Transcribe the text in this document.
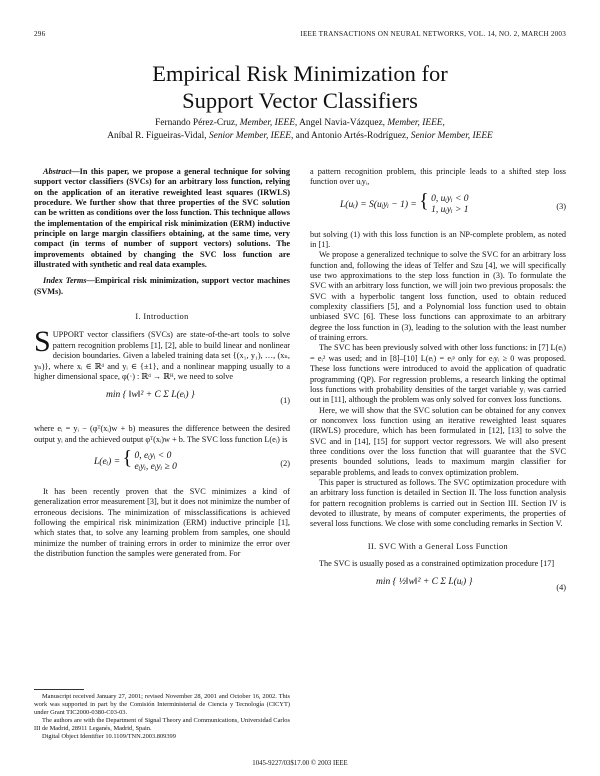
296	IEEE TRANSACTIONS ON NEURAL NETWORKS, VOL. 14, NO. 2, MARCH 2003
Empirical Risk Minimization for
Support Vector Classifiers
Fernando Pérez-Cruz, Member, IEEE, Angel Navia-Vázquez, Member, IEEE,
Aníbal R. Figueiras-Vidal, Senior Member, IEEE, and Antonio Artés-Rodríguez, Senior Member, IEEE

Abstract—In this paper, we propose a general technique for solving support vector classifiers (SVCs) for an arbitrary loss function, relying on the application of an iterative reweighted least squares (IRWLS) procedure. We further show that three properties of the SVC solution can be written as conditions over the loss function. This technique allows the implementation of the empirical risk minimization (ERM) inductive principle on large margin classifiers obtaining, at the same time, very compact (in terms of number of support vectors) solutions. The improvements obtained by changing the SVC loss function are illustrated with synthetic and real data examples.

Index Terms—Empirical risk minimization, support vector machines (SVMs).

I. Introduction

SUPPORT vector classifiers (SVCs) are state-of-the-art tools to solve pattern recognition problems [1], [2], able to build linear and nonlinear decision boundaries. Given a labeled training data set {(x₁, y₁), …, (xₙ, yₙ)}, where xᵢ ∈ ℝᵈ and yᵢ ∈ {±1}, and a nonlinear mapping usually to a higher dimensional space, φ(·) : ℝᵈ → ℝᴴ, we need to solve

min { ‖w‖² + C Σ L(eᵢ) }
(1)

where eᵢ = yᵢ − (φᵀ(xᵢ)w + b) measures the difference between the desired output yᵢ and the achieved output φᵀ(xᵢ)w + b. The SVC loss function L(eᵢ) is

L(eᵢ) = { 0, eᵢyᵢ < 0
eᵢyᵢ, eᵢyᵢ ≥ 0	(2)

It has been recently proven that the SVC minimizes a kind of generalization error measurement [3], but it does not minimize the number of erroneous decisions. The minimization of missclassifications is achieved following the empirical risk minimization (ERM) inductive principle [1], which states that, to solve any learning problem from samples, one should minimize the number of training errors in order to minimize the error over the distribution function the samples were generated from. For

a pattern recognition problem, this principle leads to a shifted step loss function over uᵢyᵢ,

L(uᵢ) = S(uᵢyᵢ − 1) = { 0, uᵢyᵢ < 0
1, uᵢyᵢ > 1	(3)

but solving (1) with this loss function is an NP-complete problem, as noted in [1].

We propose a generalized technique to solve the SVC for an arbitrary loss function and, following the ideas of Telfer and Szu [4], we will specifically use two approximations to the step loss function in (3). To formulate the SVC with an arbitrary loss function, we will join two previous proposals: the SVC with a hyperbolic tangent loss function, used to obtain reduced complexity classifiers [5], and a Polynomial loss function used to obtain unbiased SVC [6]. These loss functions can approximate to an arbitrary degree the loss function in (3), leading to the solution with the least number of training errors.

The SVC has been previously solved with other loss functions: in [7] L(eᵢ) = eᵢ² was used; and in [8]–[10] L(eᵢ) = eᵢᵖ only for eᵢyᵢ ≥ 0 was proposed. These loss functions were introduced to avoid the application of quadratic programming (QP). For regression problems, a research linking the optimal loss functions with probability densities of the target variable yᵢ was carried out in [11], although the problem was only solved for convex loss functions.

Here, we will show that the SVC solution can be obtained for any convex or nonconvex loss function using an iterative reweighted least squares (IRWLS) procedure, which has been formulated in [12], [13] to solve the SVC and in [14], [15] for support vector regressors. We will also present three conditions over the loss function that will guarantee that the SVC presents bounded solutions, leads to maximum margin classifier for separable problems, and leads to convex optimization problem.

This paper is structured as follows. The SVC optimization procedure with an arbitrary loss function is detailed in Section II. The loss function analysis for pattern recognition problems is carried out in Section III. Section IV is devoted to illustrate, by means of computer experiments, the properties of several loss functions. We close with some concluding remarks in Section V.

II. SVC With a General Loss Function

The SVC is usually posed as a constrained optimization procedure [17]

min { ½‖w‖² + C Σ L(uᵢ) }
(4)

Manuscript received January 27, 2001; revised November 28, 2001 and October 16, 2002. This work was supported in part by the Comisión Interministerial de Ciencia y Tecnología (CICYT) under Grant TIC2000-0380-C03-03.

The authors are with the Department of Signal Theory and Communications, Universidad Carlos III de Madrid, 28911 Leganés, Madrid, Spain.

Digital Object Identifier 10.1109/TNN.2003.809399

1045-9227/03$17.00 © 2003 IEEE
